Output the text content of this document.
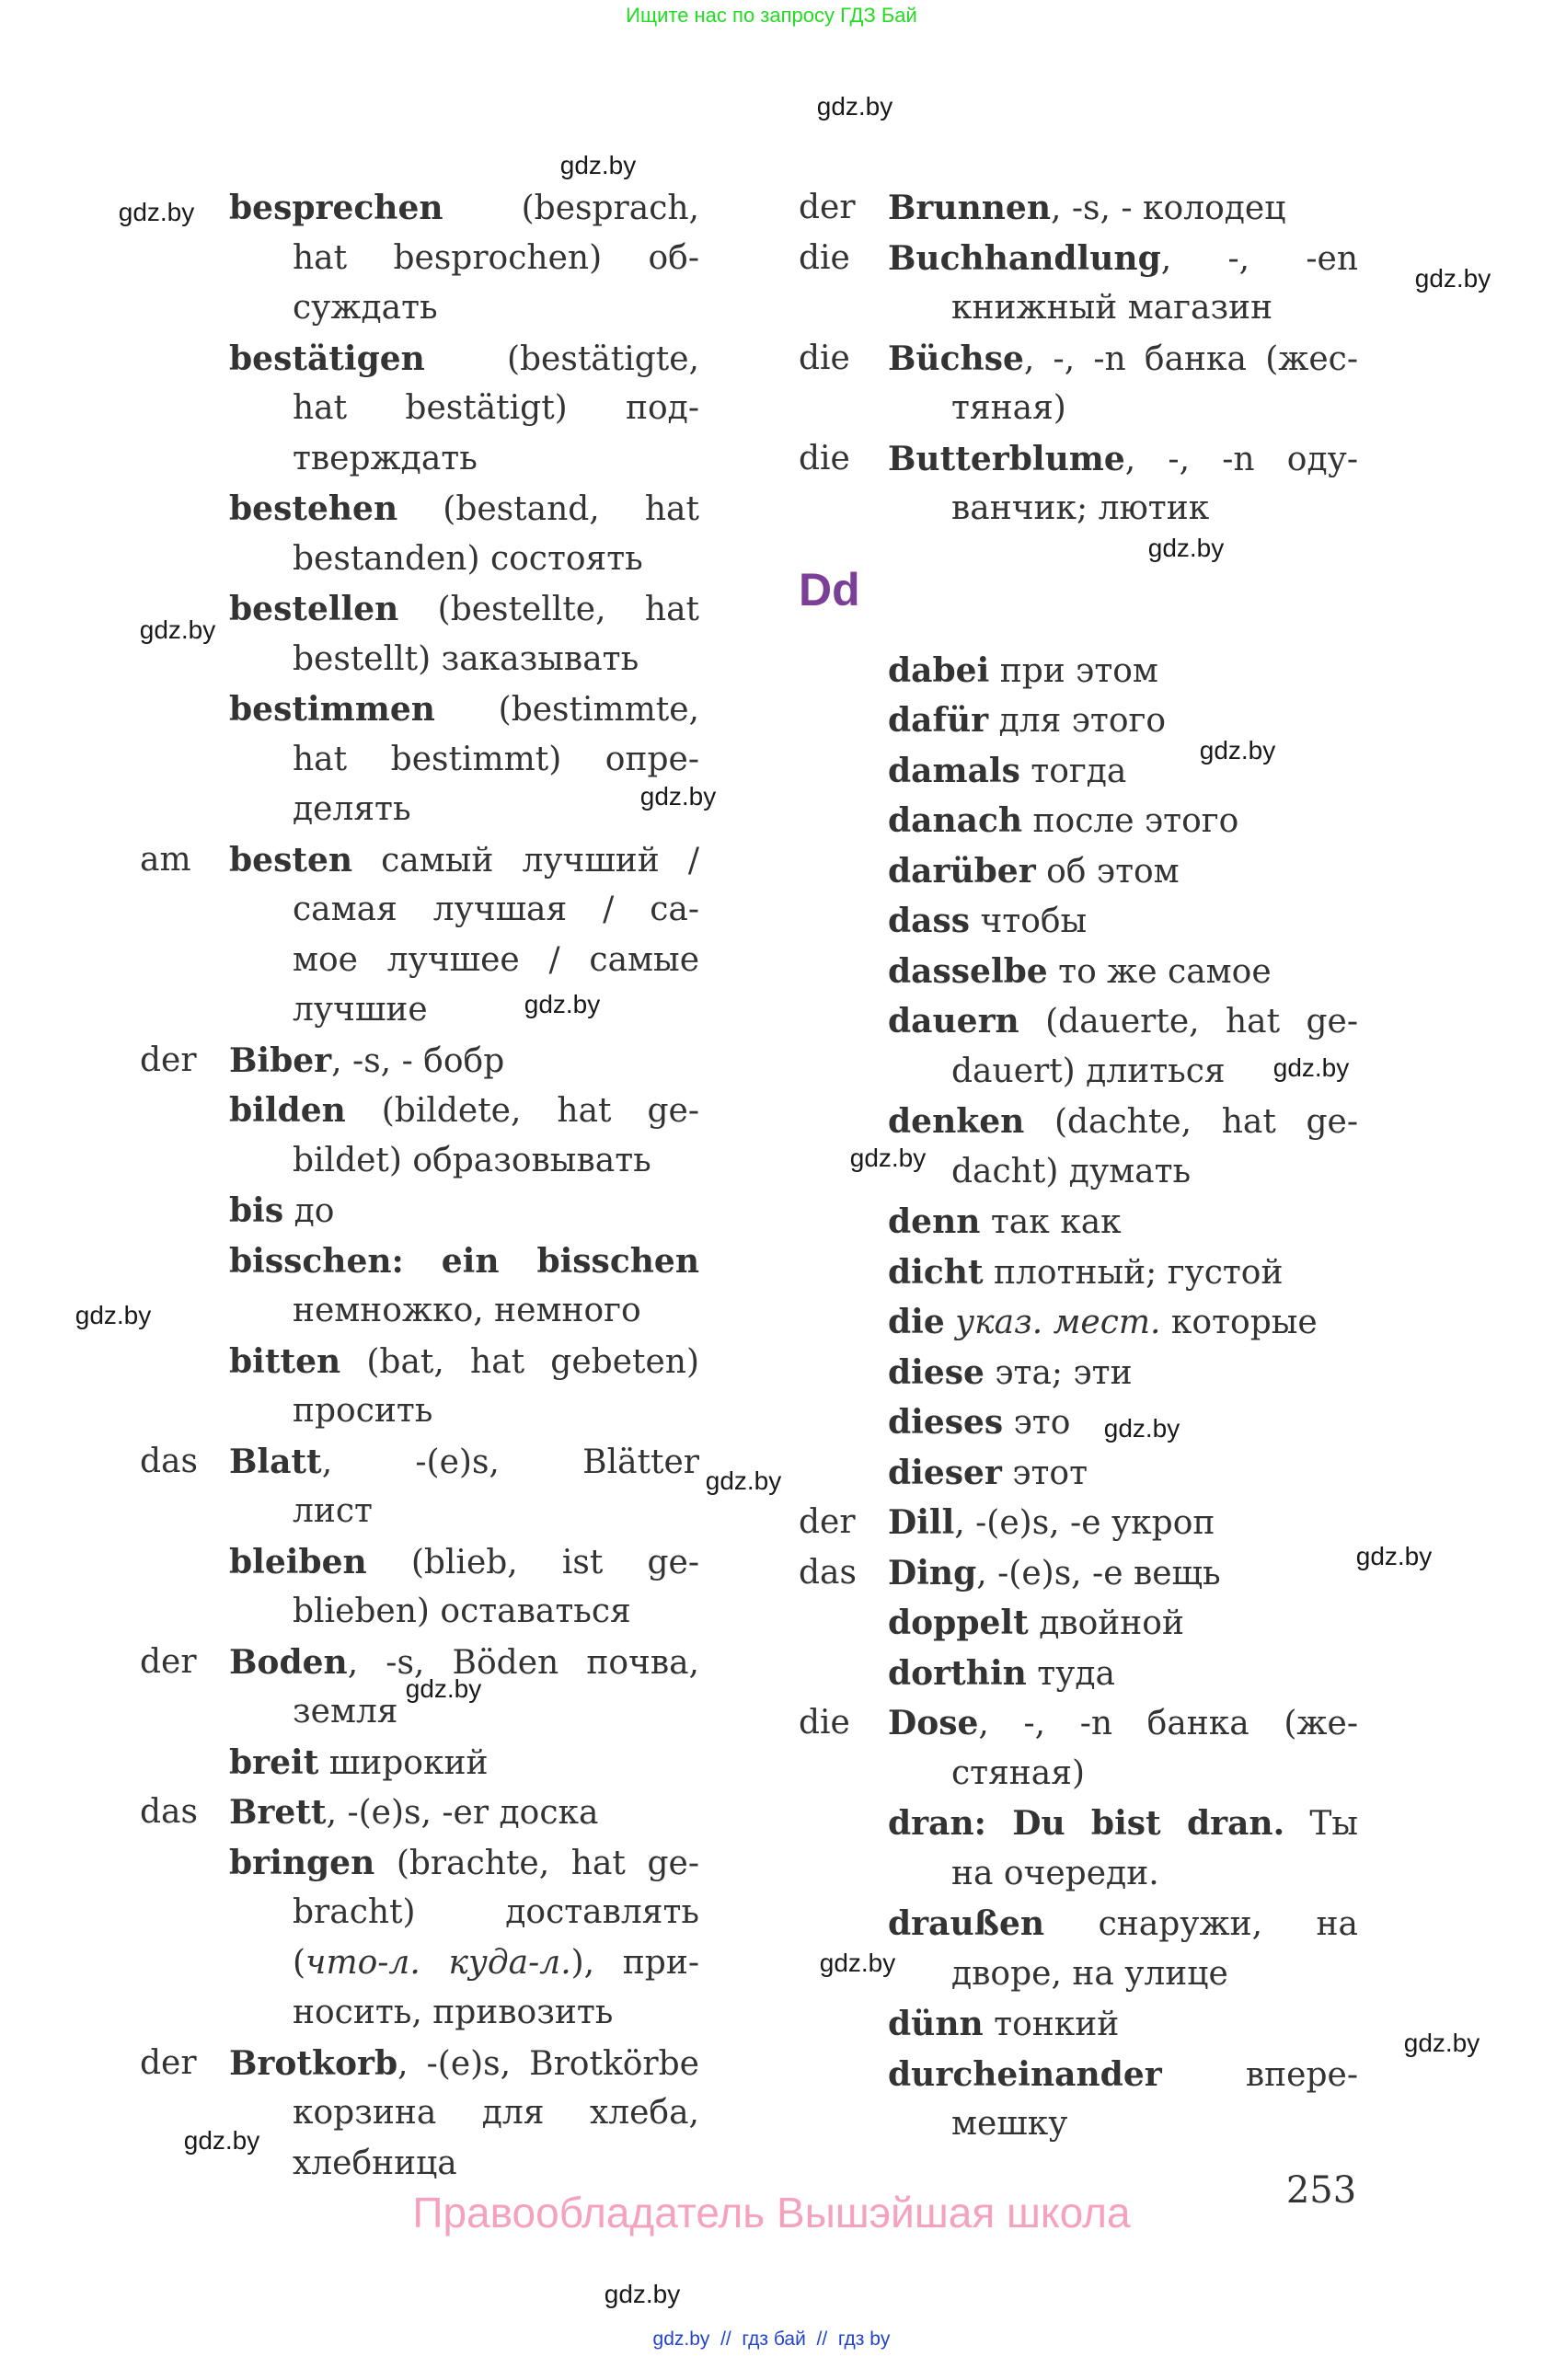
Ищите нас по запросу ГДЗ Бай
besprechen (besprach,
hat besprochen) об-
суждать
bestätigen (bestätigte,
hat bestätigt) под-
тверждать
bestehen (bestand, hat
bestanden) состоять
bestellen (bestellte, hat
bestellt) заказывать
bestimmen (bestimmte,
hat bestimmt) опре-
делять
am besten самый лучший /
самая лучшая / са-
мое лучшее / самые
лучшие
der Biber, -s, - бобр
bilden (bildete, hat ge-
bildet) образовывать
bis до
bisschen: ein bisschen
немножко, немного
bitten (bat, hat gebeten)
просить
das Blatt, -(e)s, Blätter
лист
bleiben (blieb, ist ge-
blieben) оставаться
der Boden, -s, Böden почва,
земля
breit широкий
das Brett, -(e)s, -er доска
bringen (brachte, hat ge-
bracht) доставлять
(что-л. куда-л.), при-
носить, привозить
der Brotkorb, -(e)s, Brotkörbe
корзина для хлеба,
хлебница
der Brunnen, -s, - колодец
die Buchhandlung, -, -en
книжный магазин
die Büchse, -, -n банка (жес-
тяная)
die Butterblume, -, -n оду-
ванчик; лютик
Dd
dabei при этом
dafür для этого
damals тогда
danach после этого
darüber об этом
dass чтобы
dasselbe то же самое
dauern (dauerte, hat ge-
dauert) длиться
denken (dachte, hat ge-
dacht) думать
denn так как
dicht плотный; густой
die указ. мест. которые
diese эта; эти
dieses это
dieser этот
der Dill, -(e)s, -e укроп
das Ding, -(e)s, -e вещь
doppelt двойной
dorthin туда
die Dose, -, -n банка (же-
стяная)
dran: Du bist dran. Ты
на очереди.
draußen снаружи, на
дворе, на улице
dünn тонкий
durcheinander впере-
мешку
gdz.by
gdz.by
gdz.by
gdz.by
gdz.by
gdz.by
gdz.by
gdz.by
gdz.by
gdz.by
gdz.by
gdz.by
gdz.by
gdz.by
gdz.by
gdz.by
gdz.by
gdz.by
gdz.by
gdz.by
253
Правообладатель Вышэйшая школа
gdz.by  //  гдз бай  //  гдз by
